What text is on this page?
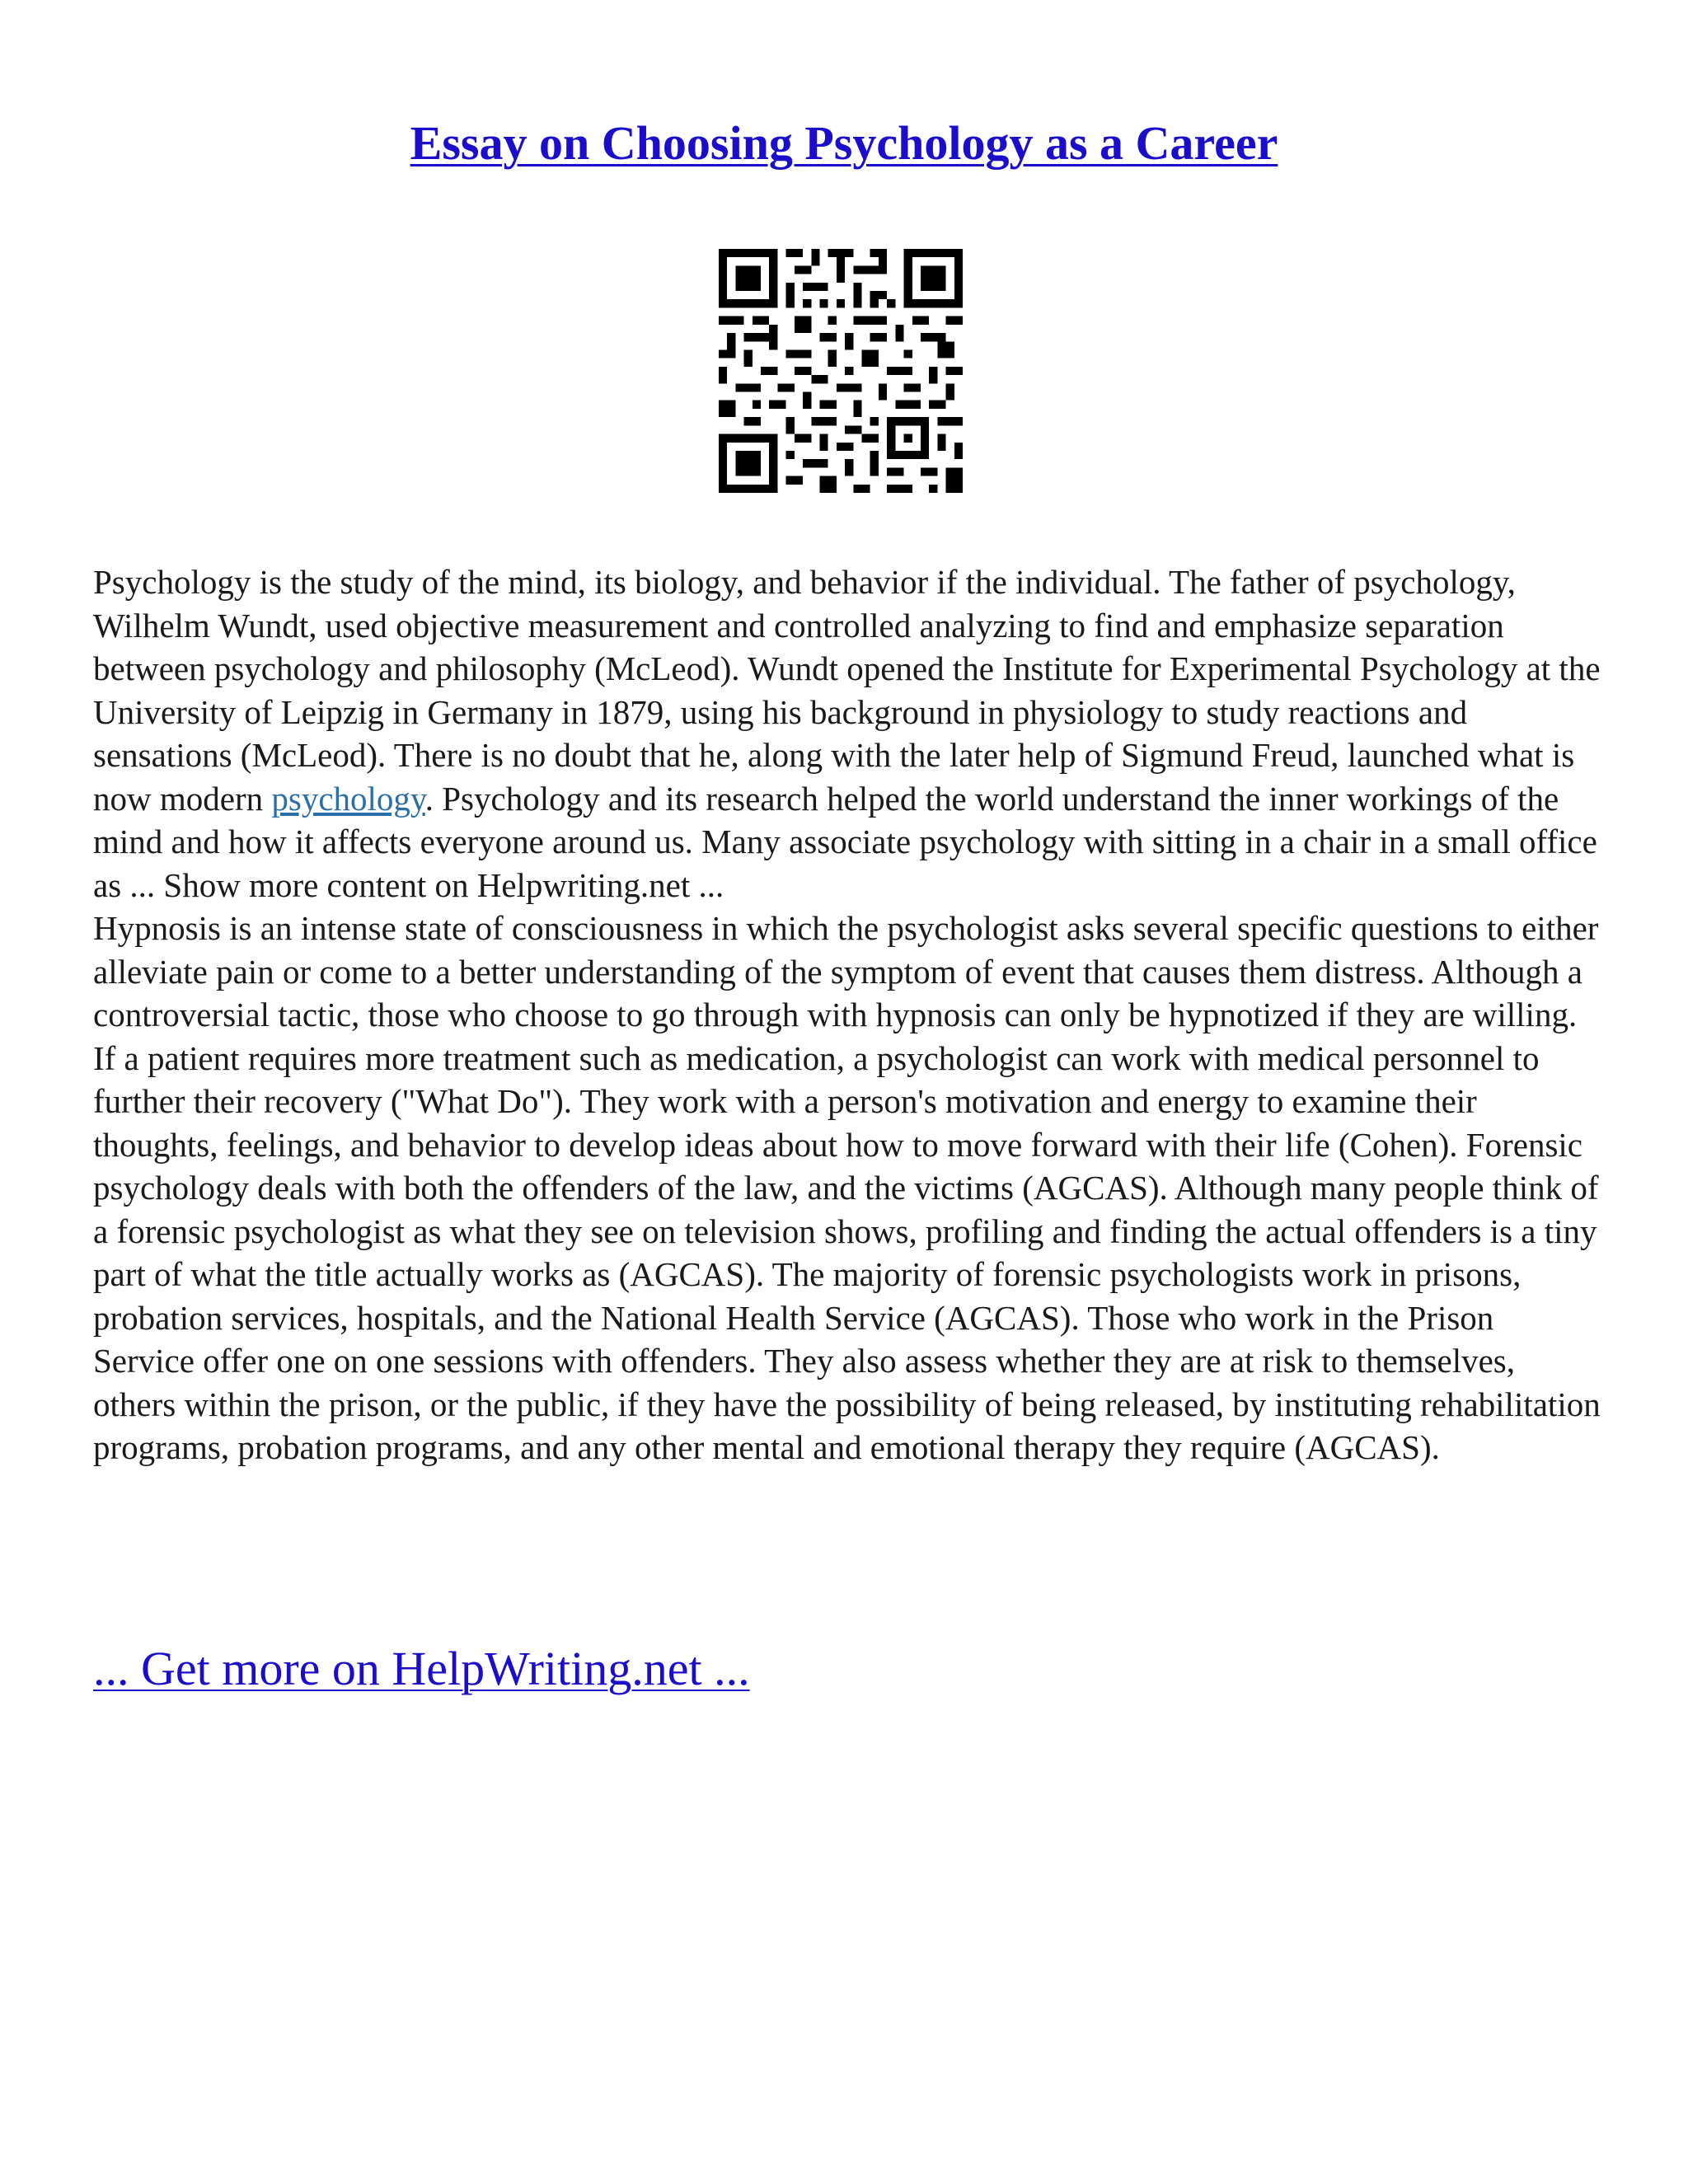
Essay on Choosing Psychology as a Career

Psychology is the study of the mind, its biology, and behavior if the individual. The father of psychology, Wilhelm Wundt, used objective measurement and controlled analyzing to find and emphasize separation between psychology and philosophy (McLeod). Wundt opened the Institute for Experimental Psychology at the University of Leipzig in Germany in 1879, using his background in physiology to study reactions and sensations (McLeod). There is no doubt that he, along with the later help of Sigmund Freud, launched what is now modern psychology. Psychology and its research helped the world understand the inner workings of the mind and how it affects everyone around us. Many associate psychology with sitting in a chair in a small office as ... Show more content on Helpwriting.net ...

Hypnosis is an intense state of consciousness in which the psychologist asks several specific questions to either alleviate pain or come to a better understanding of the symptom of event that causes them distress. Although a controversial tactic, those who choose to go through with hypnosis can only be hypnotized if they are willing. If a patient requires more treatment such as medication, a psychologist can work with medical personnel to further their recovery ("What Do"). They work with a person's motivation and energy to examine their thoughts, feelings, and behavior to develop ideas about how to move forward with their life (Cohen). Forensic psychology deals with both the offenders of the law, and the victims (AGCAS). Although many people think of a forensic psychologist as what they see on television shows, profiling and finding the actual offenders is a tiny part of what the title actually works as (AGCAS). The majority of forensic psychologists work in prisons, probation services, hospitals, and the National Health Service (AGCAS). Those who work in the Prison Service offer one on one sessions with offenders. They also assess whether they are at risk to themselves, others within the prison, or the public, if they have the possibility of being released, by instituting rehabilitation programs, probation programs, and any other mental and emotional therapy they require (AGCAS).

... Get more on HelpWriting.net ...
